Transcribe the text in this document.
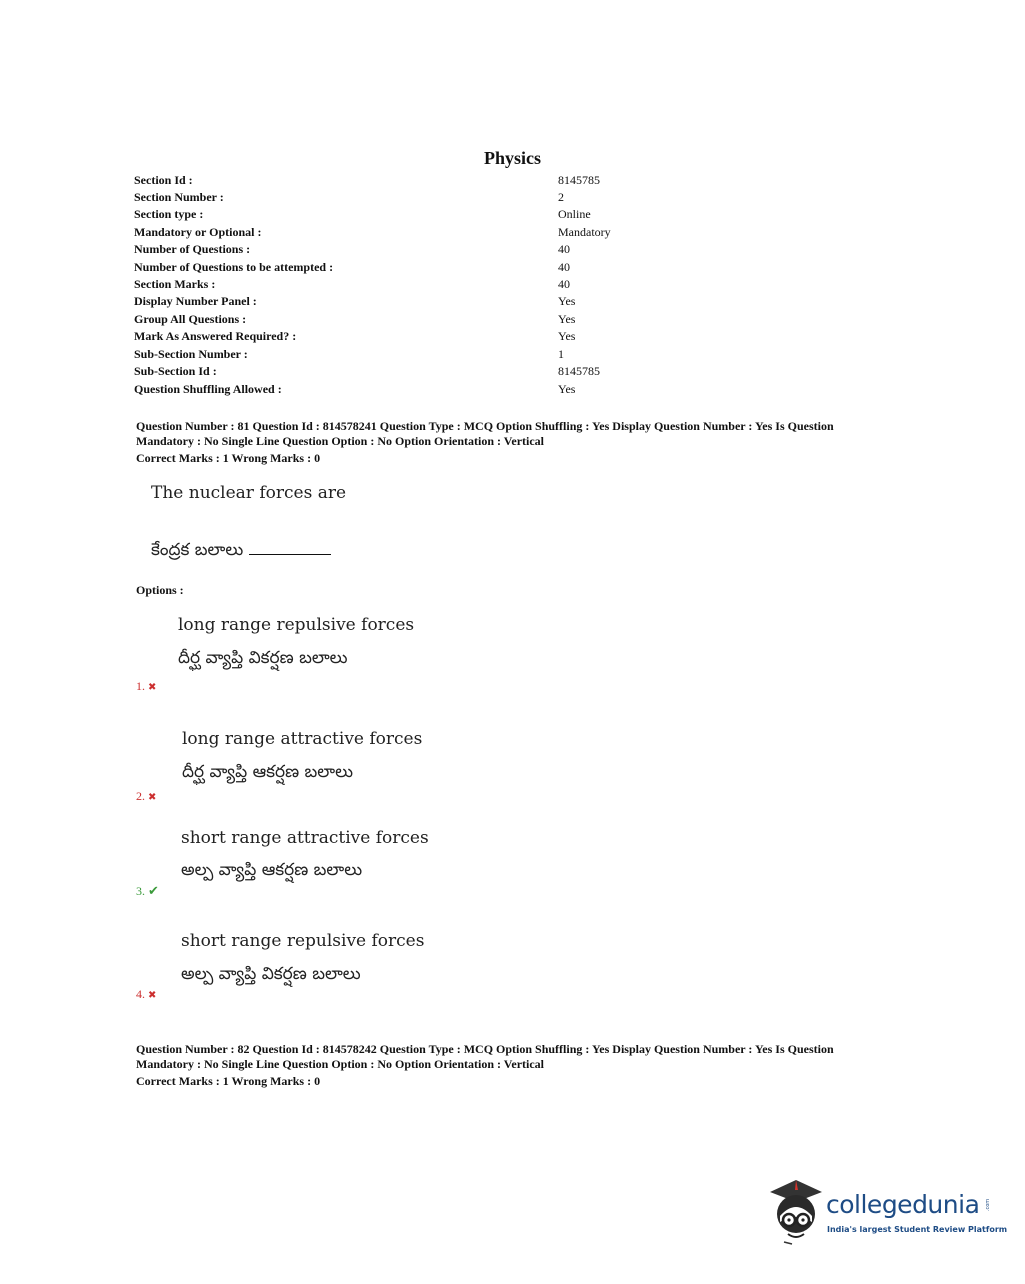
Physics
Section Id :	8145785
Section Number :	2
Section type :	Online
Mandatory or Optional :	Mandatory
Number of Questions :	40
Number of Questions to be attempted :	40
Section Marks :	40
Display Number Panel :	Yes
Group All Questions :	Yes
Mark As Answered Required? :	Yes
Sub-Section Number :	1
Sub-Section Id :	8145785
Question Shuffling Allowed :	Yes
Question Number : 81 Question Id : 814578241 Question Type : MCQ Option Shuffling : Yes Display Question Number : Yes Is Question
Mandatory : No Single Line Question Option : No Option Orientation : Vertical
Correct Marks : 1 Wrong Marks : 0
The nuclear forces are
కేంద్రక బలాలు
Options :
long range repulsive forces
దీర్ఘ వ్యాప్తి వికర్షణ బలాలు
1. ✖
long range attractive forces
దీర్ఘ వ్యాప్తి ఆకర్షణ బలాలు
2. ✖
short range attractive forces
అల్ప వ్యాప్తి ఆకర్షణ బలాలు
3. ✔
short range repulsive forces
అల్ప వ్యాప్తి వికర్షణ బలాలు
4. ✖
Question Number : 82 Question Id : 814578242 Question Type : MCQ Option Shuffling : Yes Display Question Number : Yes Is Question
Mandatory : No Single Line Question Option : No Option Orientation : Vertical
Correct Marks : 1 Wrong Marks : 0
collegedunia .com
India's largest Student Review Platform
